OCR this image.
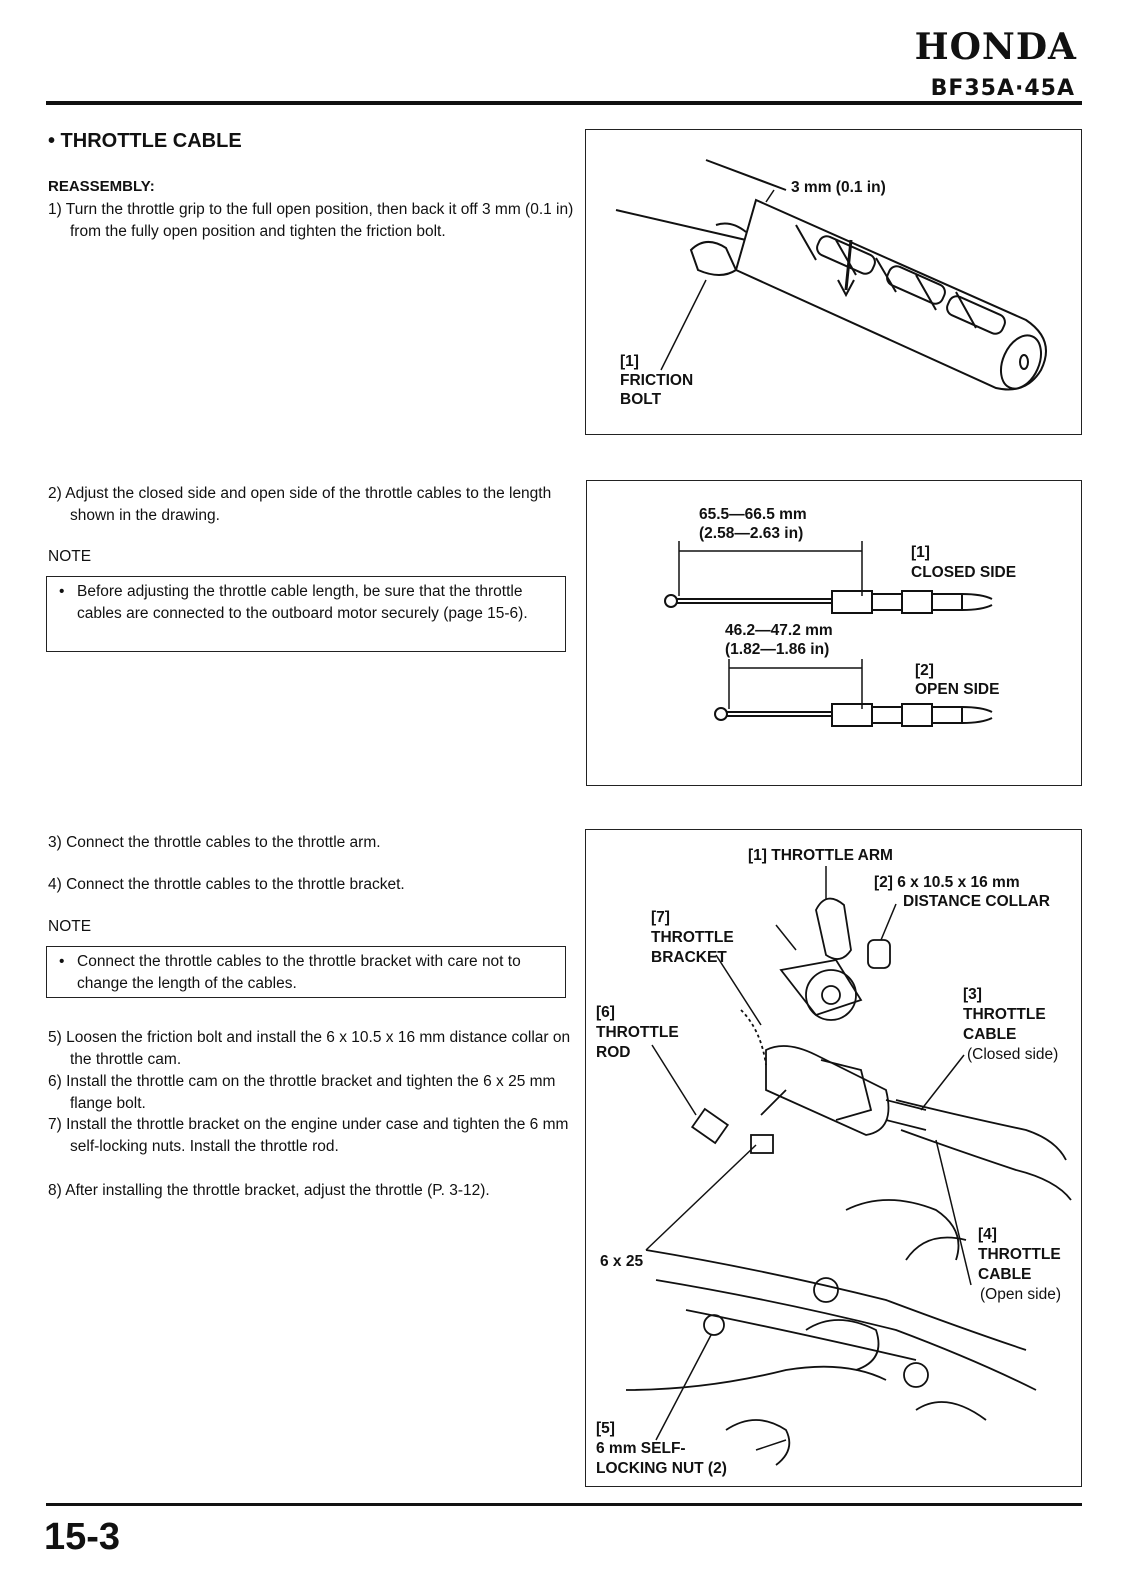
HONDA
BF35A·45A
• THROTTLE CABLE
REASSEMBLY:
1) Turn the throttle grip to the full open position, then back it off 3 mm (0.1 in) from the fully open position and tighten the friction bolt.
2) Adjust the closed side and open side of the throttle cables to the length shown in the drawing.
NOTE
• Before adjusting the throttle cable length, be sure that the throttle cables are connected to the outboard motor securely (page 15-6).
3) Connect the throttle cables to the throttle arm.
4) Connect the throttle cables to the throttle bracket.
NOTE
• Connect the throttle cables to the throttle bracket with care not to change the length of the cables.
5) Loosen the friction bolt and install the 6 x 10.5 x 16 mm distance collar on the throttle cam.
6) Install the throttle cam on the throttle bracket and tighten the 6 x 25 mm flange bolt.
7) Install the throttle bracket on the engine under case and tighten the 6 mm self-locking nuts. Install the throttle rod.
8) After installing the throttle bracket, adjust the throttle (P. 3-12).
3 mm (0.1 in)
[1]
FRICTION
BOLT
65.5—66.5 mm
(2.58—2.63 in)
[1]
CLOSED SIDE
46.2—47.2 mm
(1.82—1.86 in)
[2]
OPEN SIDE
[1] THROTTLE ARM
[2] 6 x 10.5 x 16 mm
DISTANCE COLLAR
[7]
THROTTLE
BRACKET
[3]
THROTTLE
CABLE
(Closed side)
[6]
THROTTLE
ROD
[4]
THROTTLE
CABLE
(Open side)
6 x 25
[5]
6 mm SELF-
LOCKING NUT (2)
15-3
